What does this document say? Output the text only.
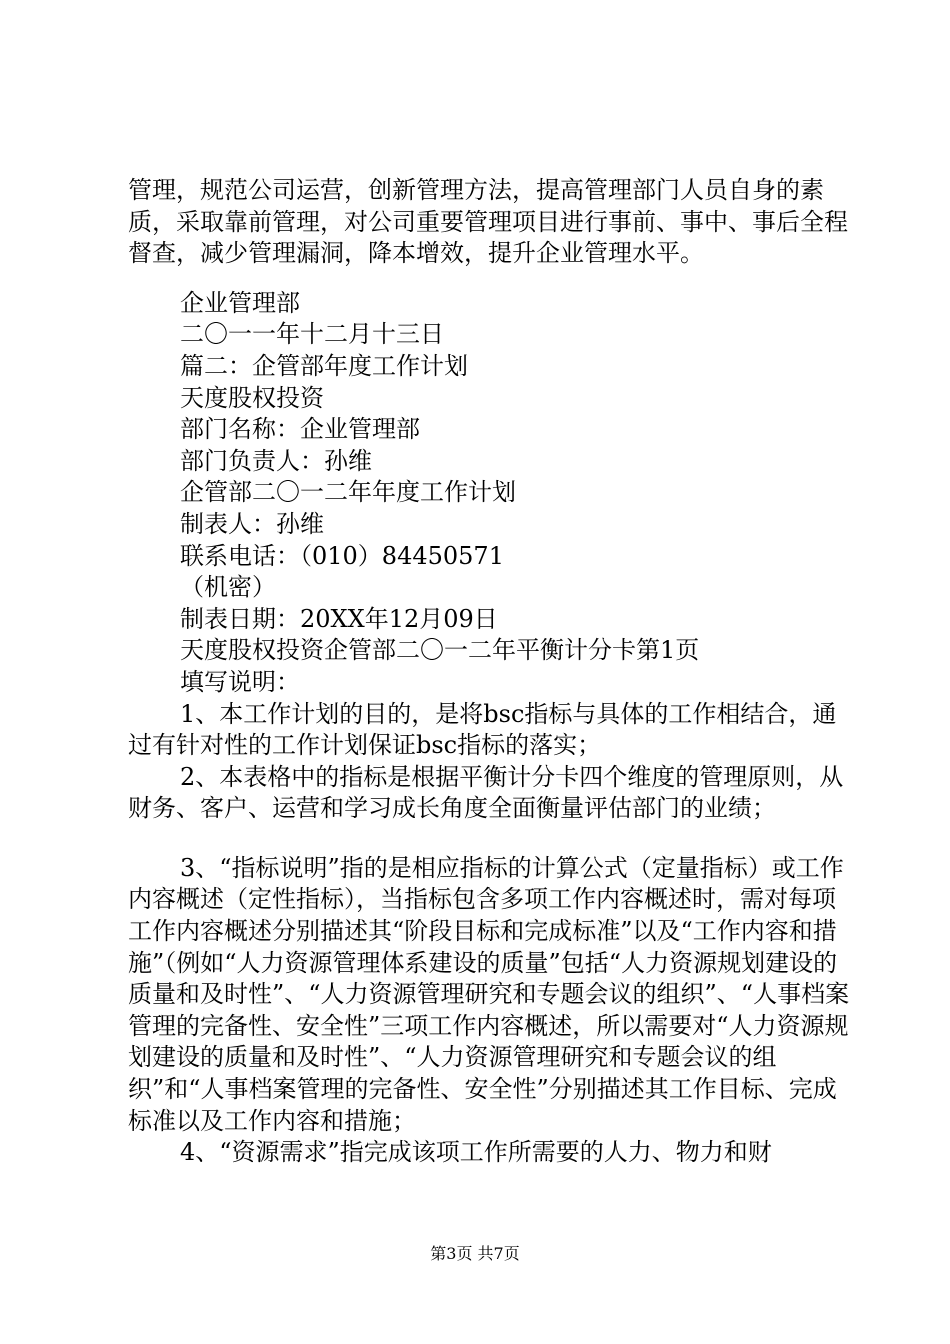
管理，规范公司运营，创新管理方法，提高管理部门人员自身的素质，采取靠前管理，对公司重要管理项目进行事前、事中、事后全程督查，减少管理漏洞，降本增效，提升企业管理水平。

企业管理部

二〇一一年十二月十三日

篇二：企管部年度工作计划

天度股权投资

部门名称：企业管理部

部门负责人：孙维

企管部二〇一二年年度工作计划

制表人：孙维

联系电话：（010）84450571

（机密）

制表日期：20XX年12月09日

天度股权投资企管部二〇一二年平衡计分卡第1页

填写说明：

1、本工作计划的目的，是将bsc指标与具体的工作相结合，通过有针对性的工作计划保证bsc指标的落实；

2、本表格中的指标是根据平衡计分卡四个维度的管理原则，从财务、客户、运营和学习成长角度全面衡量评估部门的业绩；

3、“指标说明”指的是相应指标的计算公式（定量指标）或工作内容概述（定性指标），当指标包含多项工作内容概述时，需对每项工作内容概述分别描述其“阶段目标和完成标准”以及“工作内容和措施”（例如“人力资源管理体系建设的质量”包括“人力资源规划建设的质量和及时性”、“人力资源管理研究和专题会议的组织”、“人事档案管理的完备性、安全性”三项工作内容概述，所以需要对“人力资源规划建设的质量和及时性”、“人力资源管理研究和专题会议的组织”和“人事档案管理的完备性、安全性”分别描述其工作目标、完成标准以及工作内容和措施；

4、“资源需求”指完成该项工作所需要的人力、物力和财

第3页 共7页
